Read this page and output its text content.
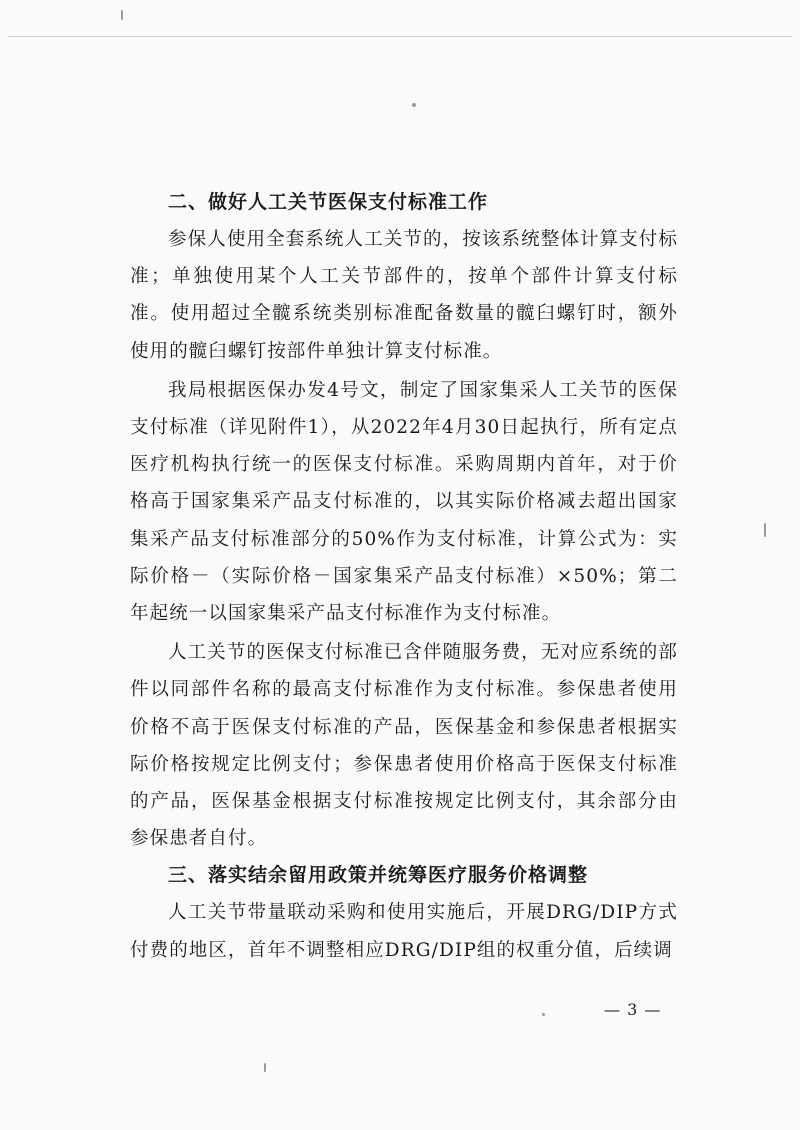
二、做好人工关节医保支付标准工作

参保人使用全套系统人工关节的，按该系统整体计算支付标准；单独使用某个人工关节部件的，按单个部件计算支付标准。使用超过全髋系统类别标准配备数量的髋臼螺钉时，额外使用的髋臼螺钉按部件单独计算支付标准。

我局根据医保办发4号文，制定了国家集采人工关节的医保支付标准（详见附件1），从2022年4月30日起执行，所有定点医疗机构执行统一的医保支付标准。采购周期内首年，对于价格高于国家集采产品支付标准的，以其实际价格减去超出国家集采产品支付标准部分的50%作为支付标准，计算公式为：实际价格－（实际价格－国家集采产品支付标准）×50%；第二年起统一以国家集采产品支付标准作为支付标准。

人工关节的医保支付标准已含伴随服务费，无对应系统的部件以同部件名称的最高支付标准作为支付标准。参保患者使用价格不高于医保支付标准的产品，医保基金和参保患者根据实际价格按规定比例支付；参保患者使用价格高于医保支付标准的产品，医保基金根据支付标准按规定比例支付，其余部分由参保患者自付。

三、落实结余留用政策并统筹医疗服务价格调整

人工关节带量联动采购和使用实施后，开展DRG/DIP方式付费的地区，首年不调整相应DRG/DIP组的权重分值，后续调

— 3 —
